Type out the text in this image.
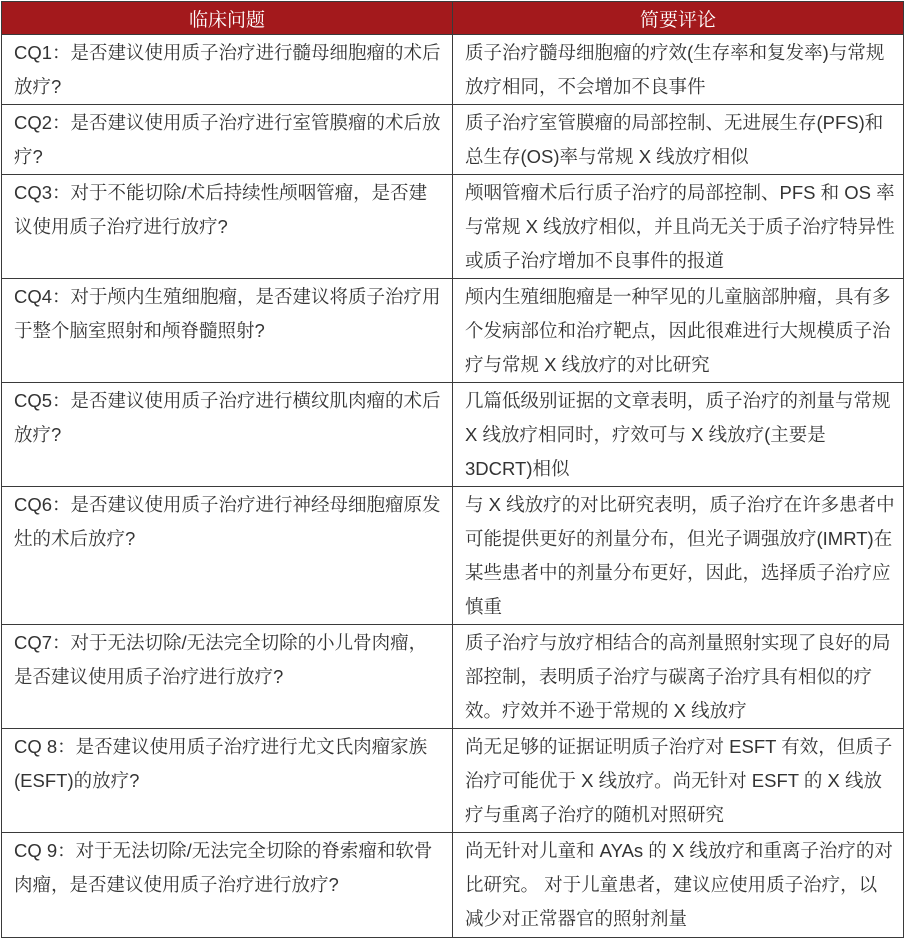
临床问题	简要评论
CQ1：是否建议使用质子治疗进行髓母细胞瘤的术后放疗?	质子治疗髓母细胞瘤的疗效(生存率和复发率)与常规放疗相同，不会增加不良事件
CQ2：是否建议使用质子治疗进行室管膜瘤的术后放疗?	质子治疗室管膜瘤的局部控制、无进展生存(PFS)和总生存(OS)率与常规 X 线放疗相似
CQ3：对于不能切除/术后持续性颅咽管瘤，是否建议使用质子治疗进行放疗?	颅咽管瘤术后行质子治疗的局部控制、PFS 和 OS 率与常规 X 线放疗相似，并且尚无关于质子治疗特异性或质子治疗增加不良事件的报道
CQ4：对于颅内生殖细胞瘤，是否建议将质子治疗用于整个脑室照射和颅脊髓照射?	颅内生殖细胞瘤是一种罕见的儿童脑部肿瘤，具有多个发病部位和治疗靶点，因此很难进行大规模质子治疗与常规 X 线放疗的对比研究
CQ5：是否建议使用质子治疗进行横纹肌肉瘤的术后放疗?	几篇低级别证据的文章表明，质子治疗的剂量与常规 X 线放疗相同时，疗效可与 X 线放疗(主要是 3DCRT)相似
CQ6：是否建议使用质子治疗进行神经母细胞瘤原发灶的术后放疗?	与 X 线放疗的对比研究表明，质子治疗在许多患者中可能提供更好的剂量分布，但光子调强放疗(IMRT)在某些患者中的剂量分布更好，因此，选择质子治疗应慎重
CQ7：对于无法切除/无法完全切除的小儿骨肉瘤，是否建议使用质子治疗进行放疗?	质子治疗与放疗相结合的高剂量照射实现了良好的局部控制，表明质子治疗与碳离子治疗具有相似的疗效。疗效并不逊于常规的 X 线放疗
CQ 8：是否建议使用质子治疗进行尤文氏肉瘤家族(ESFT)的放疗?	尚无足够的证据证明质子治疗对 ESFT 有效，但质子治疗可能优于 X 线放疗。尚无针对 ESFT 的 X 线放疗与重离子治疗的随机对照研究
CQ 9：对于无法切除/无法完全切除的脊索瘤和软骨肉瘤，是否建议使用质子治疗进行放疗?	尚无针对儿童和 AYAs 的 X 线放疗和重离子治疗的对比研究。 对于儿童患者，建议应使用质子治疗，以减少对正常器官的照射剂量
